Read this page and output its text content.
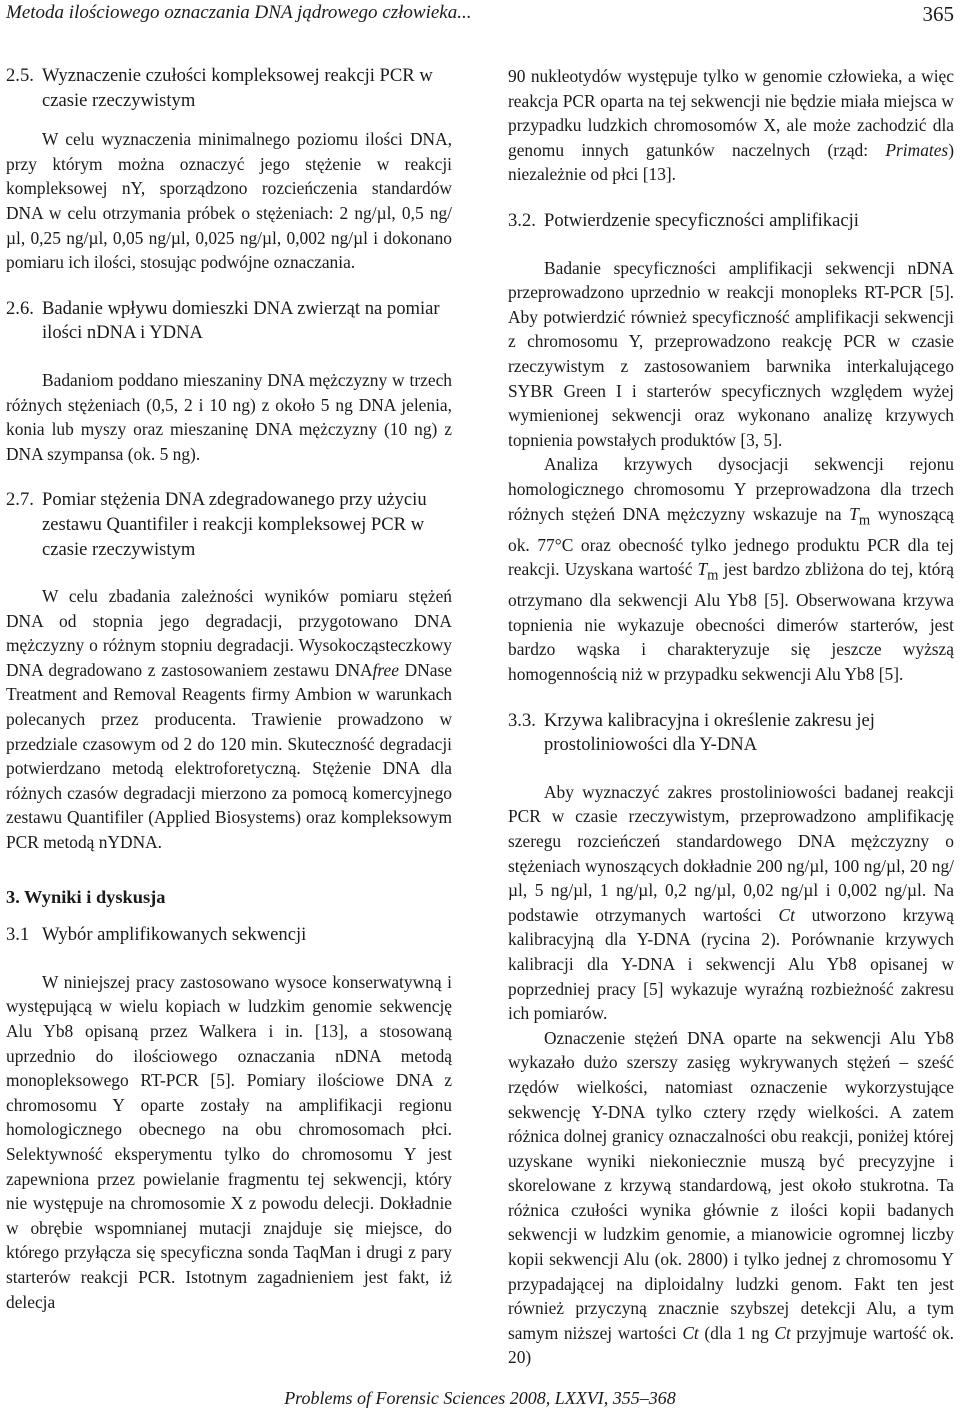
Metoda ilościowego oznaczania DNA jądrowego człowieka...	365
2.5. Wyznaczenie czułości kompleksowej reakcji PCR w czasie rzeczywistym

W celu wyznaczenia minimalnego poziomu ilości DNA, przy którym można oznaczyć jego stężenie w reakcji kompleksowej nY, sporządzono rozcieńczenia standardów DNA w celu otrzymania próbek o stężeniach: 2 ng/µl, 0,5 ng/µl, 0,25 ng/µl, 0,05 ng/µl, 0,025 ng/µl, 0,002 ng/µl i dokonano pomiaru ich ilości, stosując podwójne oznaczania.

2.6. Badanie wpływu domieszki DNA zwierząt na pomiar ilości nDNA i YDNA

Badaniom poddano mieszaniny DNA mężczyzny w trzech różnych stężeniach (0,5, 2 i 10 ng) z około 5 ng DNA jelenia, konia lub myszy oraz mieszaninę DNA mężczyzny (10 ng) z DNA szympansa (ok. 5 ng).

2.7. Pomiar stężenia DNA zdegradowanego przy użyciu zestawu Quantifiler i reakcji kompleksowej PCR w czasie rzeczywistym

W celu zbadania zależności wyników pomiaru stężeń DNA od stopnia jego degradacji, przygotowano DNA mężczyzny o różnym stopniu degradacji. Wysokocząsteczkowy DNA degradowano z zastosowaniem zestawu DNAfree DNase Treatment and Removal Reagents firmy Ambion w warunkach polecanych przez producenta. Trawienie prowadzono w przedziale czasowym od 2 do 120 min. Skuteczność degradacji potwierdzano metodą elektroforetyczną. Stężenie DNA dla różnych czasów degradacji mierzono za pomocą komercyjnego zestawu Quantifiler (Applied Biosystems) oraz kompleksowym PCR metodą nYDNA.

3. Wyniki i dyskusja
3.1 Wybór amplifikowanych sekwencji

W niniejszej pracy zastosowano wysoce konserwatywną i występującą w wielu kopiach w ludzkim genomie sekwencję Alu Yb8 opisaną przez Walkera i in. [13], a stosowaną uprzednio do ilościowego oznaczania nDNA metodą monopleksowego RT-PCR [5]. Pomiary ilościowe DNA z chromosomu Y oparte zostały na amplifikacji regionu homologicznego obecnego na obu chromosomach płci. Selektywność eksperymentu tylko do chromosomu Y jest zapewniona przez powielanie fragmentu tej sekwencji, który nie występuje na chromosomie X z powodu delecji. Dokładnie w obrębie wspomnianej mutacji znajduje się miejsce, do którego przyłącza się specyficzna sonda TaqMan i drugi z pary starterów reakcji PCR. Istotnym zagadnieniem jest fakt, iż delecja

90 nukleotydów występuje tylko w genomie człowieka, a więc reakcja PCR oparta na tej sekwencji nie będzie miała miejsca w przypadku ludzkich chromosomów X, ale może zachodzić dla genomu innych gatunków naczelnych (rząd: Primates) niezależnie od płci [13].

3.2. Potwierdzenie specyficzności amplifikacji

Badanie specyficzności amplifikacji sekwencji nDNA przeprowadzono uprzednio w reakcji monopleks RT-PCR [5]. Aby potwierdzić również specyficzność amplifikacji sekwencji z chromosomu Y, przeprowadzono reakcję PCR w czasie rzeczywistym z zastosowaniem barwnika interkalującego SYBR Green I i starterów specyficznych względem wyżej wymienionej sekwencji oraz wykonano analizę krzywych topnienia powstałych produktów [3, 5].

Analiza krzywych dysocjacji sekwencji rejonu homologicznego chromosomu Y przeprowadzona dla trzech różnych stężeń DNA mężczyzny wskazuje na $T_m$ wynoszącą ok. 77°C oraz obecność tylko jednego produktu PCR dla tej reakcji. Uzyskana wartość $T_m$ jest bardzo zbliżona do tej, którą otrzymano dla sekwencji Alu Yb8 [5]. Obserwowana krzywa topnienia nie wykazuje obecności dimerów starterów, jest bardzo wąska i charakteryzuje się jeszcze wyższą homogennością niż w przypadku sekwencji Alu Yb8 [5].

3.3. Krzywa kalibracyjna i określenie zakresu jej prostoliniowości dla Y-DNA

Aby wyznaczyć zakres prostoliniowości badanej reakcji PCR w czasie rzeczywistym, przeprowadzono amplifikację szeregu rozcieńczeń standardowego DNA mężczyzny o stężeniach wynoszących dokładnie 200 ng/µl, 100 ng/µl, 20 ng/µl, 5 ng/µl, 1 ng/µl, 0,2 ng/µl, 0,02 ng/µl i 0,002 ng/µl. Na podstawie otrzymanych wartości Ct utworzono krzywą kalibracyjną dla Y-DNA (rycina 2). Porównanie krzywych kalibracji dla Y-DNA i sekwencji Alu Yb8 opisanej w poprzedniej pracy [5] wykazuje wyraźną rozbieżność zakresu ich pomiarów.

Oznaczenie stężeń DNA oparte na sekwencji Alu Yb8 wykazało dużo szerszy zasięg wykrywanych stężeń – sześć rzędów wielkości, natomiast oznaczenie wykorzystujące sekwencję Y-DNA tylko cztery rzędy wielkości. A zatem różnica dolnej granicy oznaczalności obu reakcji, poniżej której uzyskane wyniki niekoniecznie muszą być precyzyjne i skorelowane z krzywą standardową, jest około stukrotna. Ta różnica czułości wynika głównie z ilości kopii badanych sekwencji w ludzkim genomie, a mianowicie ogromnej liczby kopii sekwencji Alu (ok. 2800) i tylko jednej z chromosomu Y przypadającej na diploidalny ludzki genom. Fakt ten jest również przyczyną znacznie szybszej detekcji Alu, a tym samym niższej wartości Ct (dla 1 ng Ct przyjmuje wartość ok. 20)

Problems of Forensic Sciences 2008, LXXVI, 355–368
